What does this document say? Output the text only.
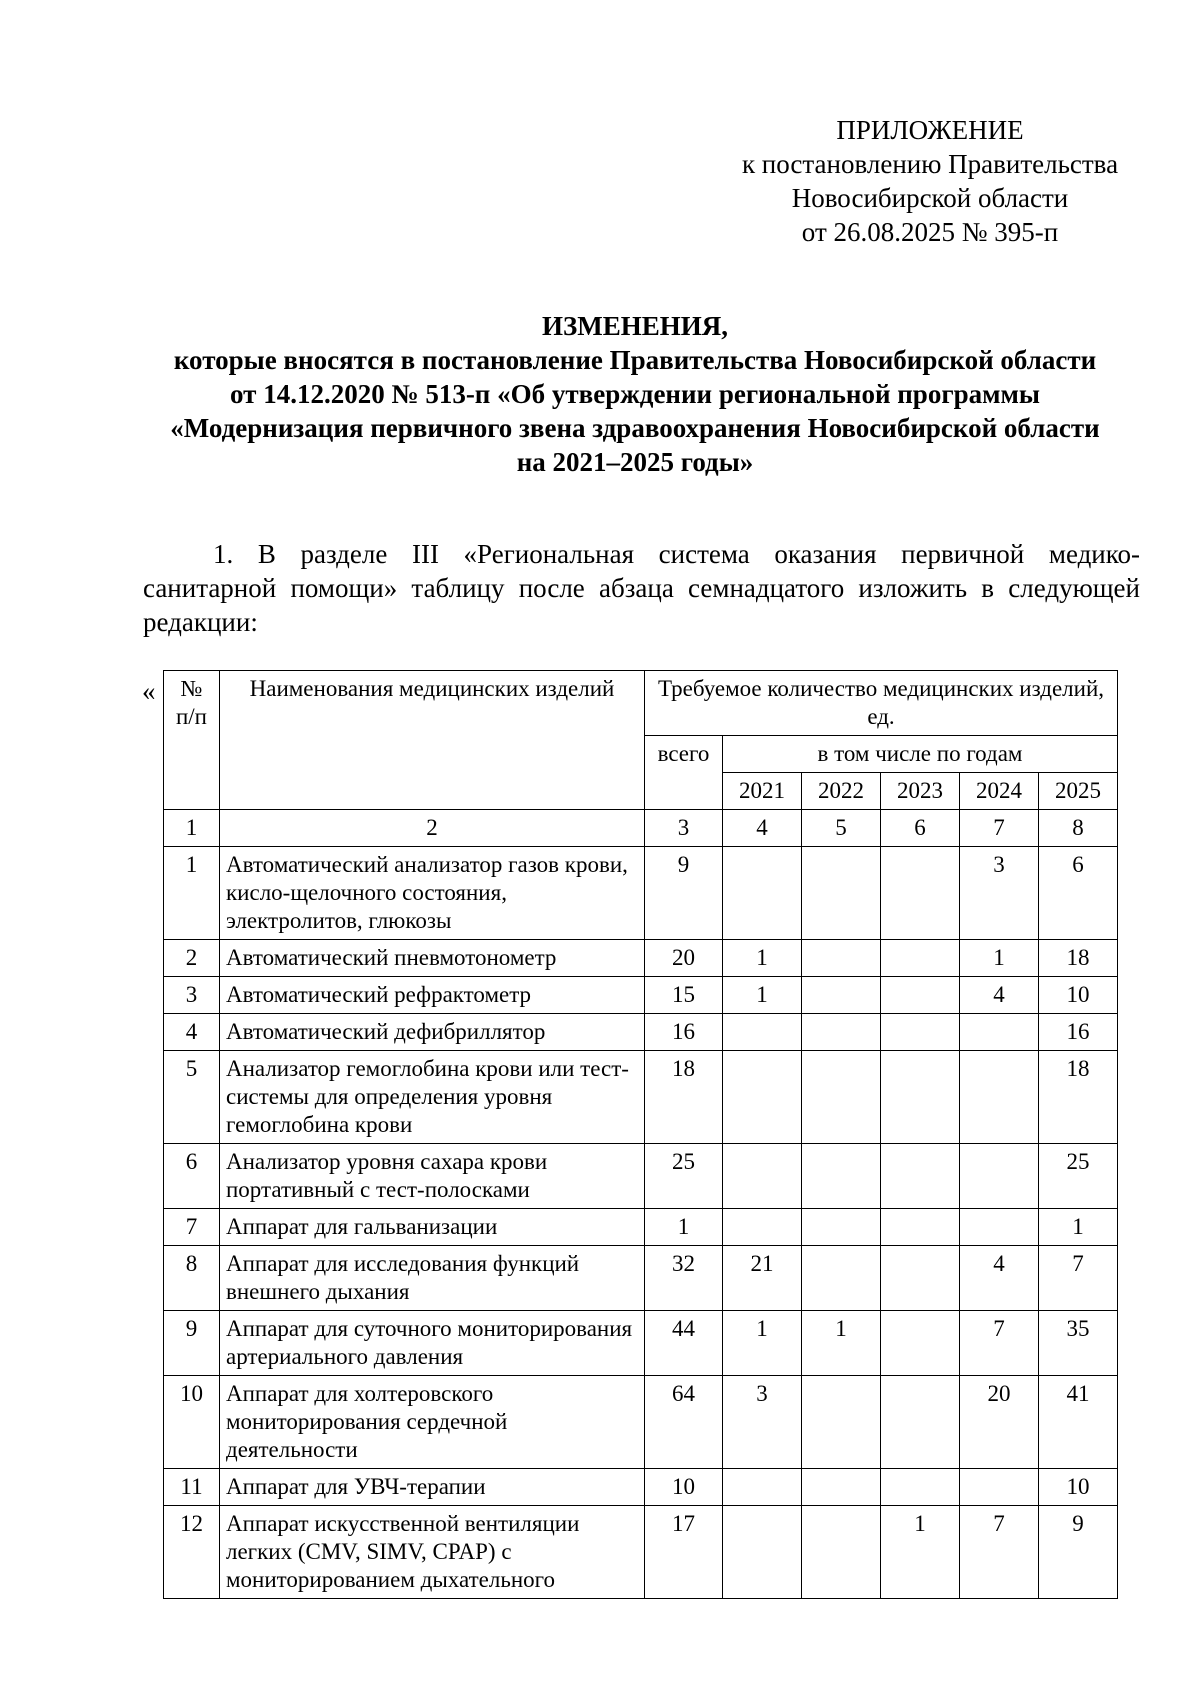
ПРИЛОЖЕНИЕ
к постановлению Правительства
Новосибирской области
от 26.08.2025 № 395-п
ИЗМЕНЕНИЯ,
которые вносятся в постановление Правительства Новосибирской области
от 14.12.2020 № 513-п «Об утверждении региональной программы
«Модернизация первичного звена здравоохранения Новосибирской области
на 2021–2025 годы»
1. В разделе III «Региональная система оказания первичной медико-
санитарной помощи» таблицу после абзаца семнадцатого изложить в следующей
редакции:
« № п/п	Наименования медицинских изделий	Требуемое количество медицинских изделий, ед.					
		всего	в том числе по годам				
			2021	2022	2023	2024	2025
1	2	3	4	5	6	7	8
1	Автоматический анализатор газов крови, кисло-щелочного состояния, электролитов, глюкозы	9				3	6
2	Автоматический пневмотонометр	20	1			1	18
3	Автоматический рефрактометр	15	1			4	10
4	Автоматический дефибриллятор	16					16
5	Анализатор гемоглобина крови или тест-системы для определения уровня гемоглобина крови	18					18
6	Анализатор уровня сахара крови портативный с тест-полосками	25					25
7	Аппарат для гальванизации	1					1
8	Аппарат для исследования функций внешнего дыхания	32	21			4	7
9	Аппарат для суточного мониторирования артериального давления	44	1	1		7	35
10	Аппарат для холтеровского мониторирования сердечной деятельности	64	3			20	41
11	Аппарат для УВЧ-терапии	10					10
12	Аппарат искусственной вентиляции легких (CMV, SIMV, CPAP) с мониторированием дыхательного	17			1	7	9
